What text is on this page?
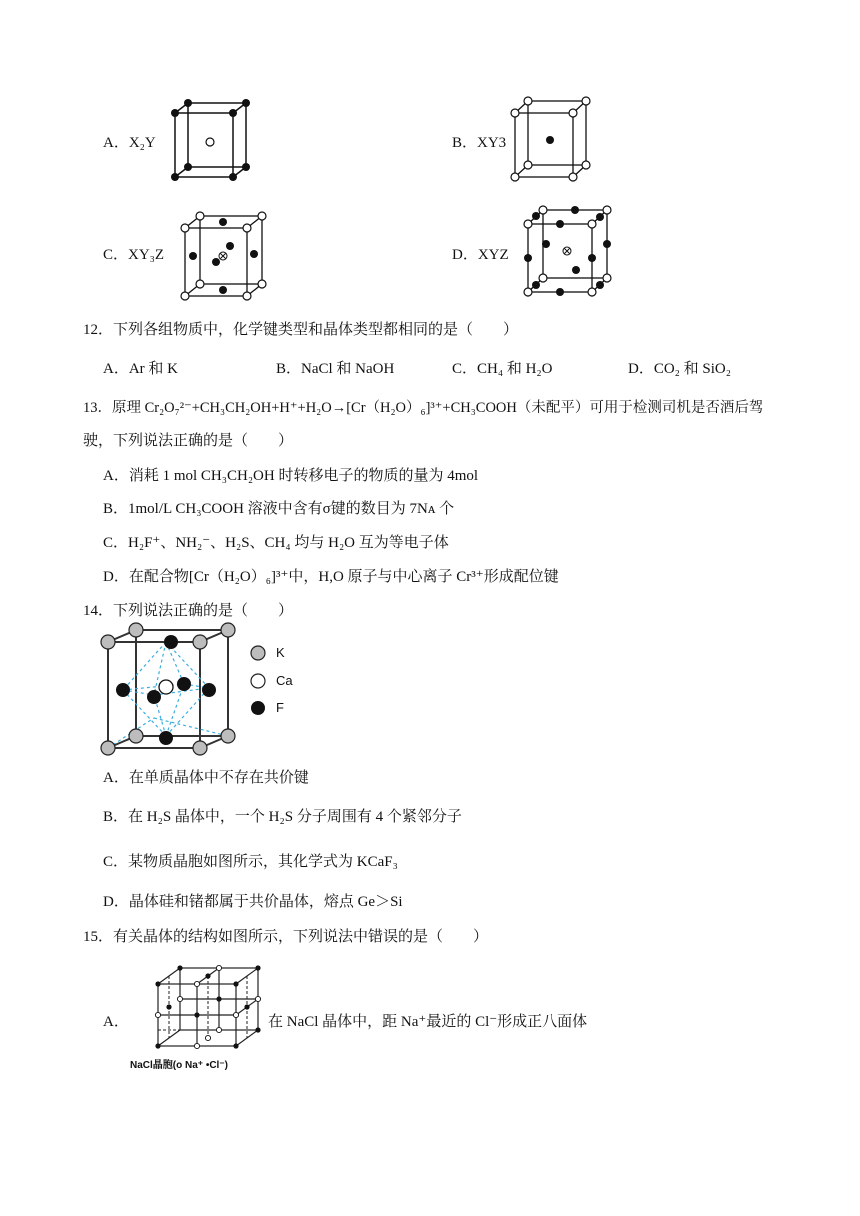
A．X₂Y	B．XY3
C．XY₃Z	D．XYZ
12．下列各组物质中，化学键类型和晶体类型都相同的是（　　）
A．Ar 和 K	B．NaCl 和 NaOH	C．CH₄ 和 H₂O	D．CO₂ 和 SiO₂
13．原理 Cr₂O₇²⁻+CH₃CH₂OH+H⁺+H₂O→[Cr（H₂O）₆]³⁺+CH₃COOH（未配平）可用于检测司机是否酒后驾
驶，下列说法正确的是（　　）
A．消耗 1 mol CH₃CH₂OH 时转移电子的物质的量为 4mol
B．1mol/L CH₃COOH 溶液中含有σ键的数目为 7Nᴀ 个
C．H₂F⁺、NH₂⁻、H₂S、CH₄ 均与 H₂O 互为等电子体
D．在配合物[Cr（H₂O）₆]³⁺中，H,O 原子与中心离子 Cr³⁺形成配位键
14．下列说法正确的是（　　）
K
Ca
F
A．在单质晶体中不存在共价键
B．在 H₂S 晶体中，一个 H₂S 分子周围有 4 个紧邻分子
C．某物质晶胞如图所示，其化学式为 KCaF₃
D．晶体硅和锗都属于共价晶体，熔点 Ge＞Si
15．有关晶体的结构如图所示，下列说法中错误的是（　　）
A．
NaCl晶胞(o Na⁺ •Cl⁻)
在 NaCl 晶体中，距 Na⁺最近的 Cl⁻形成正八面体
